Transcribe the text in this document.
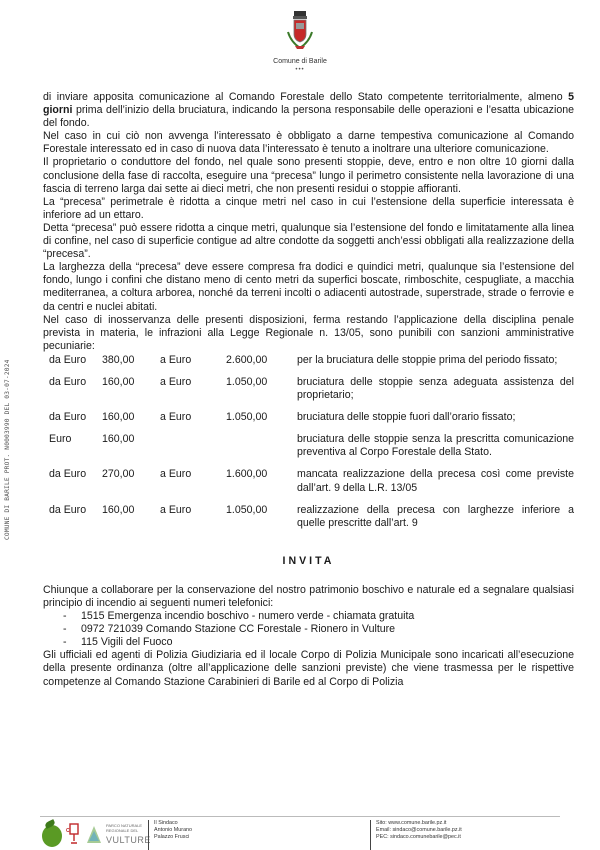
Comune di Barile
•••
COMUNE DI BARILE PROT. N0003990 DEL 03-07-2024

di inviare apposita comunicazione al Comando Forestale dello Stato competente territorialmente, almeno 5 giorni prima dell’inizio della bruciatura, indicando la persona responsabile delle operazioni e l’esatta ubicazione del fondo.

Nel caso in cui ciò non avvenga l’interessato è obbligato a darne tempestiva comunicazione al Comando Forestale interessato ed in caso di nuova data l’interessato è tenuto a inoltrare una ulteriore comunicazione.

Il proprietario o conduttore del fondo, nel quale sono presenti stoppie, deve, entro e non oltre 10 giorni dalla conclusione della fase di raccolta, eseguire una “precesa” lungo il perimetro consistente nella lavorazione di una fascia di terreno larga dai sette ai dieci metri, che non presenti residui o stoppie affioranti.

La “precesa” perimetrale è ridotta a cinque metri nel caso in cui l’estensione della superficie interessata è inferiore ad un ettaro.

Detta “precesa” può essere ridotta a cinque metri, qualunque sia l’estensione del fondo e limitatamente alla linea di confine, nel caso di superficie contigue ad altre condotte da soggetti anch’essi obbligati alla realizzazione della “precesa”.

La larghezza della “precesa” deve essere compresa fra dodici e quindici metri, qualunque sia l’estensione del fondo, lungo i confini che distano meno di cento metri da superfici boscate, rimboschite, cespugliate, a macchia mediterranea, a coltura arborea, nonché da terreni incolti o adiacenti autostrade, superstrade, strade o ferrovie e da centri e nuclei abitati.

Nel caso di inosservanza delle presenti disposizioni, ferma restando l’applicazione della disciplina penale prevista in materia, le infrazioni alla Legge Regionale n. 13/05, sono punibili con sanzioni amministrative pecuniarie:

da Euro	380,00	a Euro	2.600,00	per la bruciatura delle stoppie prima del periodo fissato;
da Euro	160,00	a Euro	1.050,00	bruciatura delle stoppie senza adeguata assistenza del proprietario;
da Euro	160,00	a Euro	1.050,00	bruciatura delle stoppie fuori dall’orario fissato;
Euro	160,00			bruciatura delle stoppie senza la prescritta comunicazione preventiva al Corpo Forestale della Stato.
da Euro	270,00	a Euro	1.600,00	mancata realizzazione della precesa così come previste dall’art. 9 della L.R. 13/05
da Euro	160,00	a Euro	1.050,00	realizzazione della precesa con larghezze inferiore a quelle prescritte dall’art. 9
INVITA

Chiunque a collaborare per la conservazione del nostro patrimonio boschivo e naturale ed a segnalare qualsiasi principio di incendio ai seguenti numeri telefonici:

- 1515 Emergenza incendio boschivo - numero verde - chiamata gratuita
- 0972 721039 Comando Stazione CC Forestale - Rionero in Vulture
- 115 Vigili del Fuoco

Gli ufficiali ed agenti di Polizia Giudiziaria ed il locale Corpo di Polizia Municipale sono incaricati all’esecuzione della presente ordinanza (oltre all’applicazione delle sanzioni previste) che viene trasmessa per le rispettive competenze al Comando Stazione Carabinieri di Barile ed al Corpo di Polizia

C
PARCO NATURALE REGIONALE DEL
VULTURE
Il Sindaco
Antonio Murano
Palazzo Frusci
Sito: www.comune.barile.pz.it
Email: sindaco@comune.barile.pz.it
PEC: sindaco.comunebarile@pec.it
